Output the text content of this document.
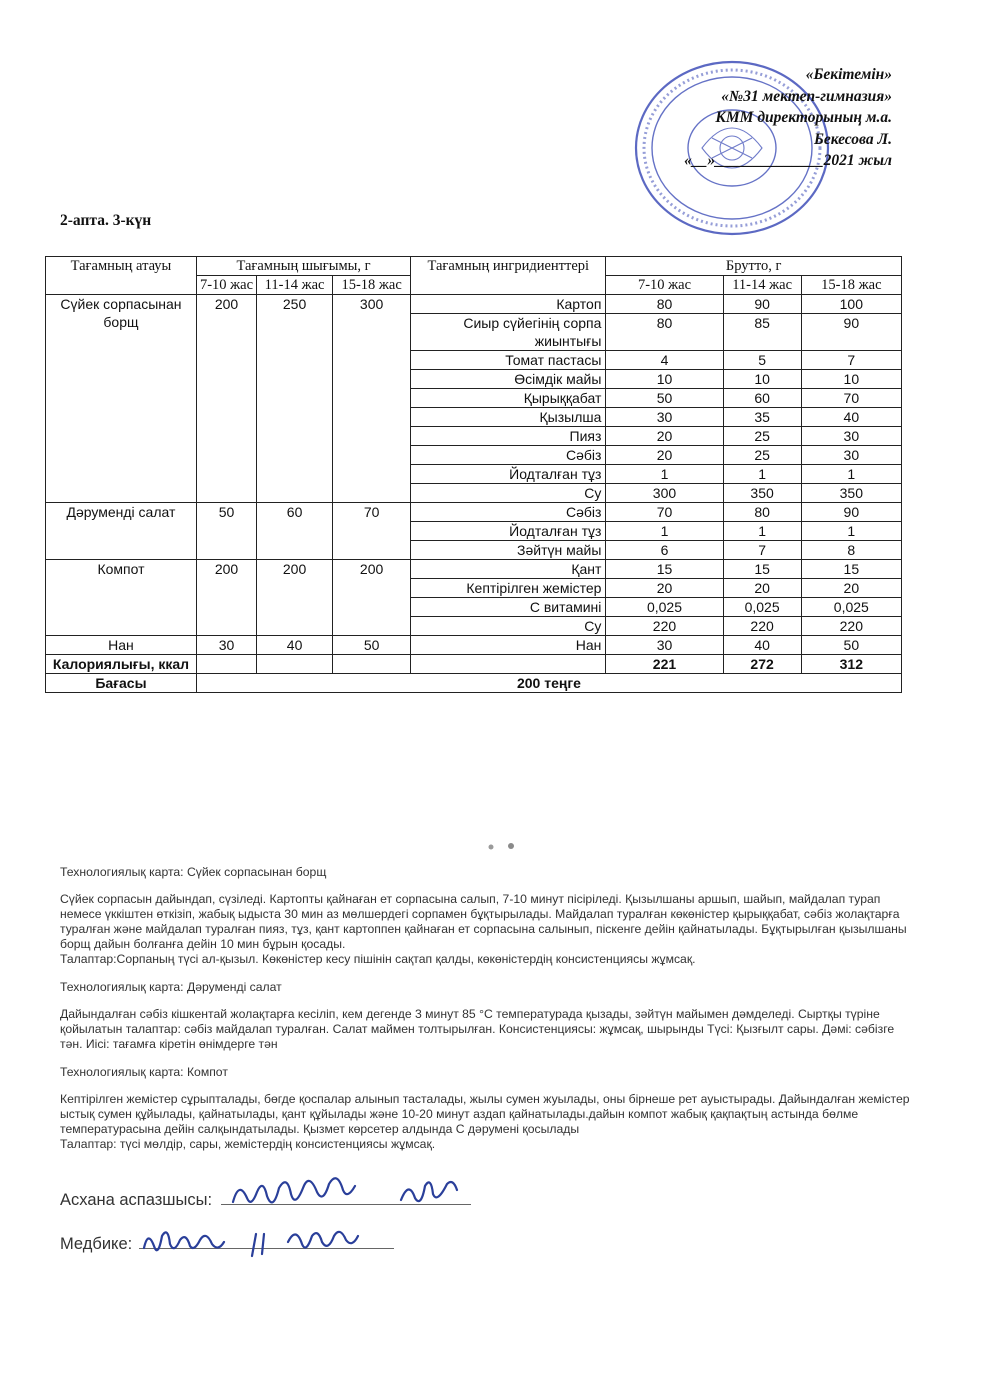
«Бекітемін»
«№31 мектеп-гимназия»
КММ директорының м.а.
Бекесова Л.
«__»______________2021 жыл
2-апта. 3-күн
Тағамның атауы	Тағамның шығымы, г			Тағамның ингридиенттері	Брутто, г		
	7-10 жас	11-14 жас	15-18 жас		7-10 жас	11-14 жас	15-18 жас
Сүйек сорпасынан борщ	200	250	300	Картоп	80	90	100
				Сиыр сүйегінің сорпа жиынтығы	80	85	90
				Томат пастасы	4	5	7
				Өсімдік майы	10	10	10
				Қырыққабат	50	60	70
				Қызылша	30	35	40
				Пияз	20	25	30
				Сәбіз	20	25	30
				Йодталған тұз	1	1	1
				Су	300	350	350
Дәруменді салат	50	60	70	Сәбіз	70	80	90
				Йодталған тұз	1	1	1
				Зәйтүн майы	6	7	8
Компот	200	200	200	Қант	15	15	15
				Кептірілген жемістер	20	20	20
				С витамині	0,025	0,025	0,025
				Су	220	220	220
Нан	30	40	50	Нан	30	40	50
Калориялығы, ккал					221	272	312
Бағасы	200 теңге						

Технологиялық карта: Сүйек сорпасынан борщ

Сүйек сорпасын дайындап, сүзіледі. Картопты қайнаған ет сорпасына салып, 7-10 минут пісіріледі. Қызылшаны аршып, шайып, майдалап турап немесе үккіштен өткізіп, жабық ыдыста 30 мин аз мөлшердегі сорпамен бұқтырылады. Майдалап туралған көкөністер қырыққабат, сәбіз жолақтарға туралған және майдалап туралған пияз, тұз, қант картоппен қайнаған ет сорпасына салынып, піскенге дейін қайнатылады. Бұқтырылған қызылшаны борщ дайын болғанға дейін 10 мин бұрын қосады.

Талаптар:Сорпаның түсі ал-қызыл. Көкөністер кесу пішінін сақтап қалды, көкөністердің консистенциясы жұмсақ.

Технологиялық карта: Дәруменді салат

Дайындалған сәбіз кішкентай жолақтарға кесіліп, кем дегенде 3 минут 85 °С температурада қызады, зәйтүн майымен дәмделеді. Сыртқы түріне қойылатын талаптар: сәбіз майдалап туралған. Салат маймен толтырылған. Консистенциясы: жұмсақ, шырынды Түсі: Қызғылт сары. Дәмі: сәбізге тән. Иісі: тағамға кіретін өнімдерге тән

Технологиялық карта: Компот

Кептірілген жемістер сұрыпталады, бөгде қоспалар алынып тасталады, жылы сумен жуылады, оны бірнеше рет ауыстырады. Дайындалған жемістер ыстық сумен құйылады, қайнатылады, қант құйылады және 10-20 минут аздап қайнатылады.дайын компот жабық қақпақтың астында бөлме температурасына дейін салқындатылады. Қызмет көрсетер алдында С дәрумені қосылады

Талаптар: түсі мөлдір, сары, жемістердің консистенциясы жұмсақ.

Асхана аспазшысы:
Медбике:
